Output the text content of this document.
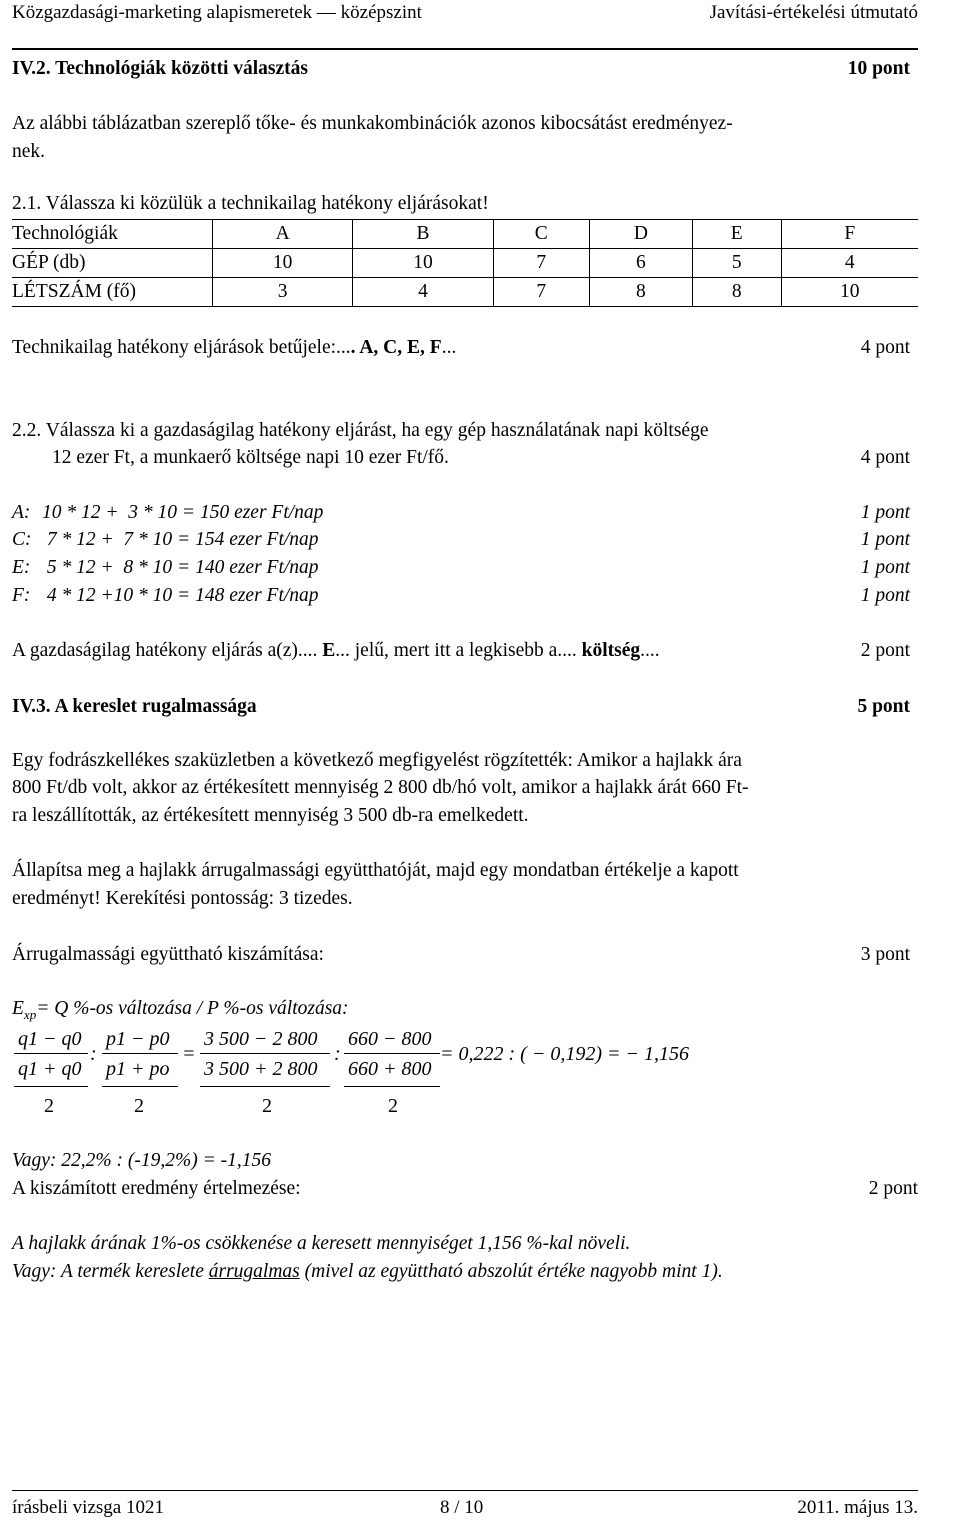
Közgazdasági-marketing alapismeretek — középszint	Javítási-értékelési útmutató
IV.2. Technológiák közötti választás	10 pont
Az alábbi táblázatban szereplő tőke- és munkakombinációk azonos kibocsátást eredményez-
nek.
2.1. Válassza ki közülük a technikailag hatékony eljárásokat!
Technológiák	A	B	C	D	E	F
GÉP (db)	10	10	7	6	5	4
LÉTSZÁM (fő)	3	4	7	8	8	10
Technikailag hatékony eljárások betűjele:.... A, C, E, F...	4 pont
2.2. Válassza ki a gazdaságilag hatékony eljárást, ha egy gép használatának napi költsége
12 ezer Ft, a munkaerő költsége napi 10 ezer Ft/fő.	4 pont
A: 10 * 12 +  3 * 10 = 150 ezer Ft/nap	1 pont
C: 7 * 12 +  7 * 10 = 154 ezer Ft/nap	1 pont
E: 5 * 12 +  8 * 10 = 140 ezer Ft/nap	1 pont
F: 4 * 12 +10 * 10 = 148 ezer Ft/nap	1 pont
A gazdaságilag hatékony eljárás a(z).... E... jelű, mert itt a legkisebb a.... költség....	2 pont
IV.3. A kereslet rugalmassága	5 pont
Egy fodrászkellékes szaküzletben a következő megfigyelést rögzítették: Amikor a hajlakk ára
800 Ft/db volt, akkor az értékesített mennyiség 2 800 db/hó volt, amikor a hajlakk árát 660 Ft-
ra leszállították, az értékesített mennyiség 3 500 db-ra emelkedett.
Állapítsa meg a hajlakk árrugalmassági együtthatóját, majd egy mondatban értékelje a kapott
eredményt! Kerekítési pontosság: 3 tizedes.
Árrugalmassági együttható kiszámítása:	3 pont
$E_{xp}= Q$ %-os változása / P %-os változása:
q1 − q0
:
p1 − p0
=
3 500 − 2 800
:
660 − 800
= 0,222 : ( − 0,192) = − 1,156
q1 + q0 p1 + po 3 500 + 2 800 660 + 800
2	2	2	2
Vagy: 22,2% : (-19,2%) = -1,156
A kiszámított eredmény értelmezése:	2 pont
A hajlakk árának 1%-os csökkenése a keresett mennyiséget 1,156 %-kal növeli.
Vagy: A termék kereslete árrugalmas (mivel az együttható abszolút értéke nagyobb mint 1).
írásbeli vizsga 1021	8 / 10	2011. május 13.
